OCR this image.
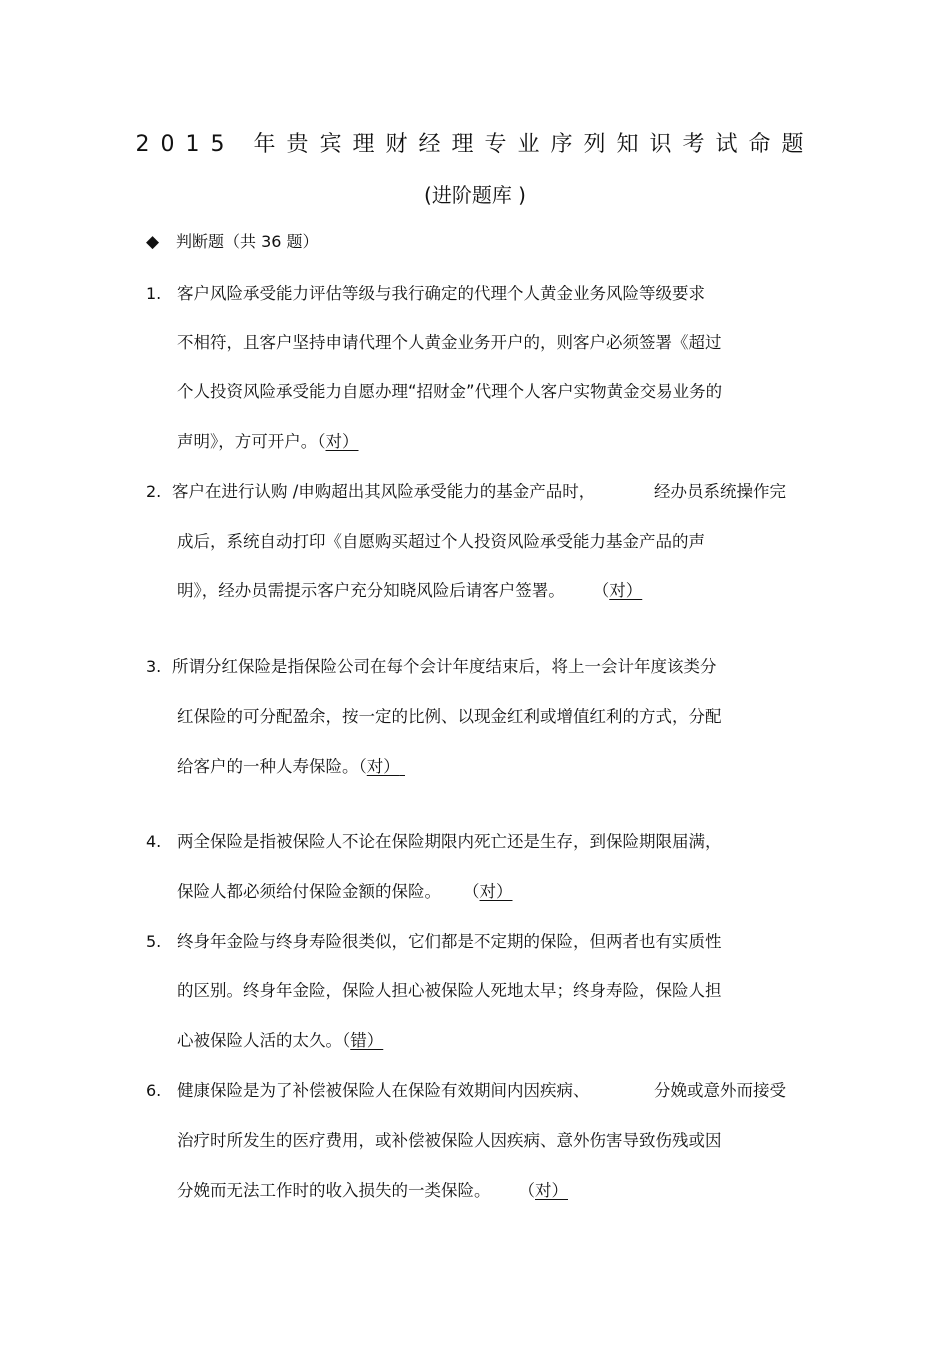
2015 年贵宾理财经理专业序列知识考试命题
(进阶题库 )
◆ 判断题（共 36 题）
1. 客户风险承受能力评估等级与我行确定的代理个人黄金业务风险等级要求
不相符，且客户坚持申请代理个人黄金业务开户的，则客户必须签署《超过
个人投资风险承受能力自愿办理“招财金”代理个人客户实物黄金交易业务的
声明》，方可开户。（对）
2. 客户在进行认购 /申购超出其风险承受能力的基金产品时，	经办员系统操作完
成后，系统自动打印《自愿购买超过个人投资风险承受能力基金产品的声
明》，经办员需提示客户充分知晓风险后请客户签署。 （对）
3. 所谓分红保险是指保险公司在每个会计年度结束后，将上一会计年度该类分
红保险的可分配盈余，按一定的比例、以现金红利或增值红利的方式，分配
给客户的一种人寿保险。（对）
4. 两全保险是指被保险人不论在保险期限内死亡还是生存，到保险期限届满，
保险人都必须给付保险金额的保险。 （对）
5. 终身年金险与终身寿险很类似，它们都是不定期的保险，但两者也有实质性
的区别。终身年金险，保险人担心被保险人死地太早；终身寿险，保险人担
心被保险人活的太久。（错）
6. 健康保险是为了补偿被保险人在保险有效期间内因疾病、	分娩或意外而接受
治疗时所发生的医疗费用，或补偿被保险人因疾病、意外伤害导致伤残或因
分娩而无法工作时的收入损失的一类保险。 （对）
